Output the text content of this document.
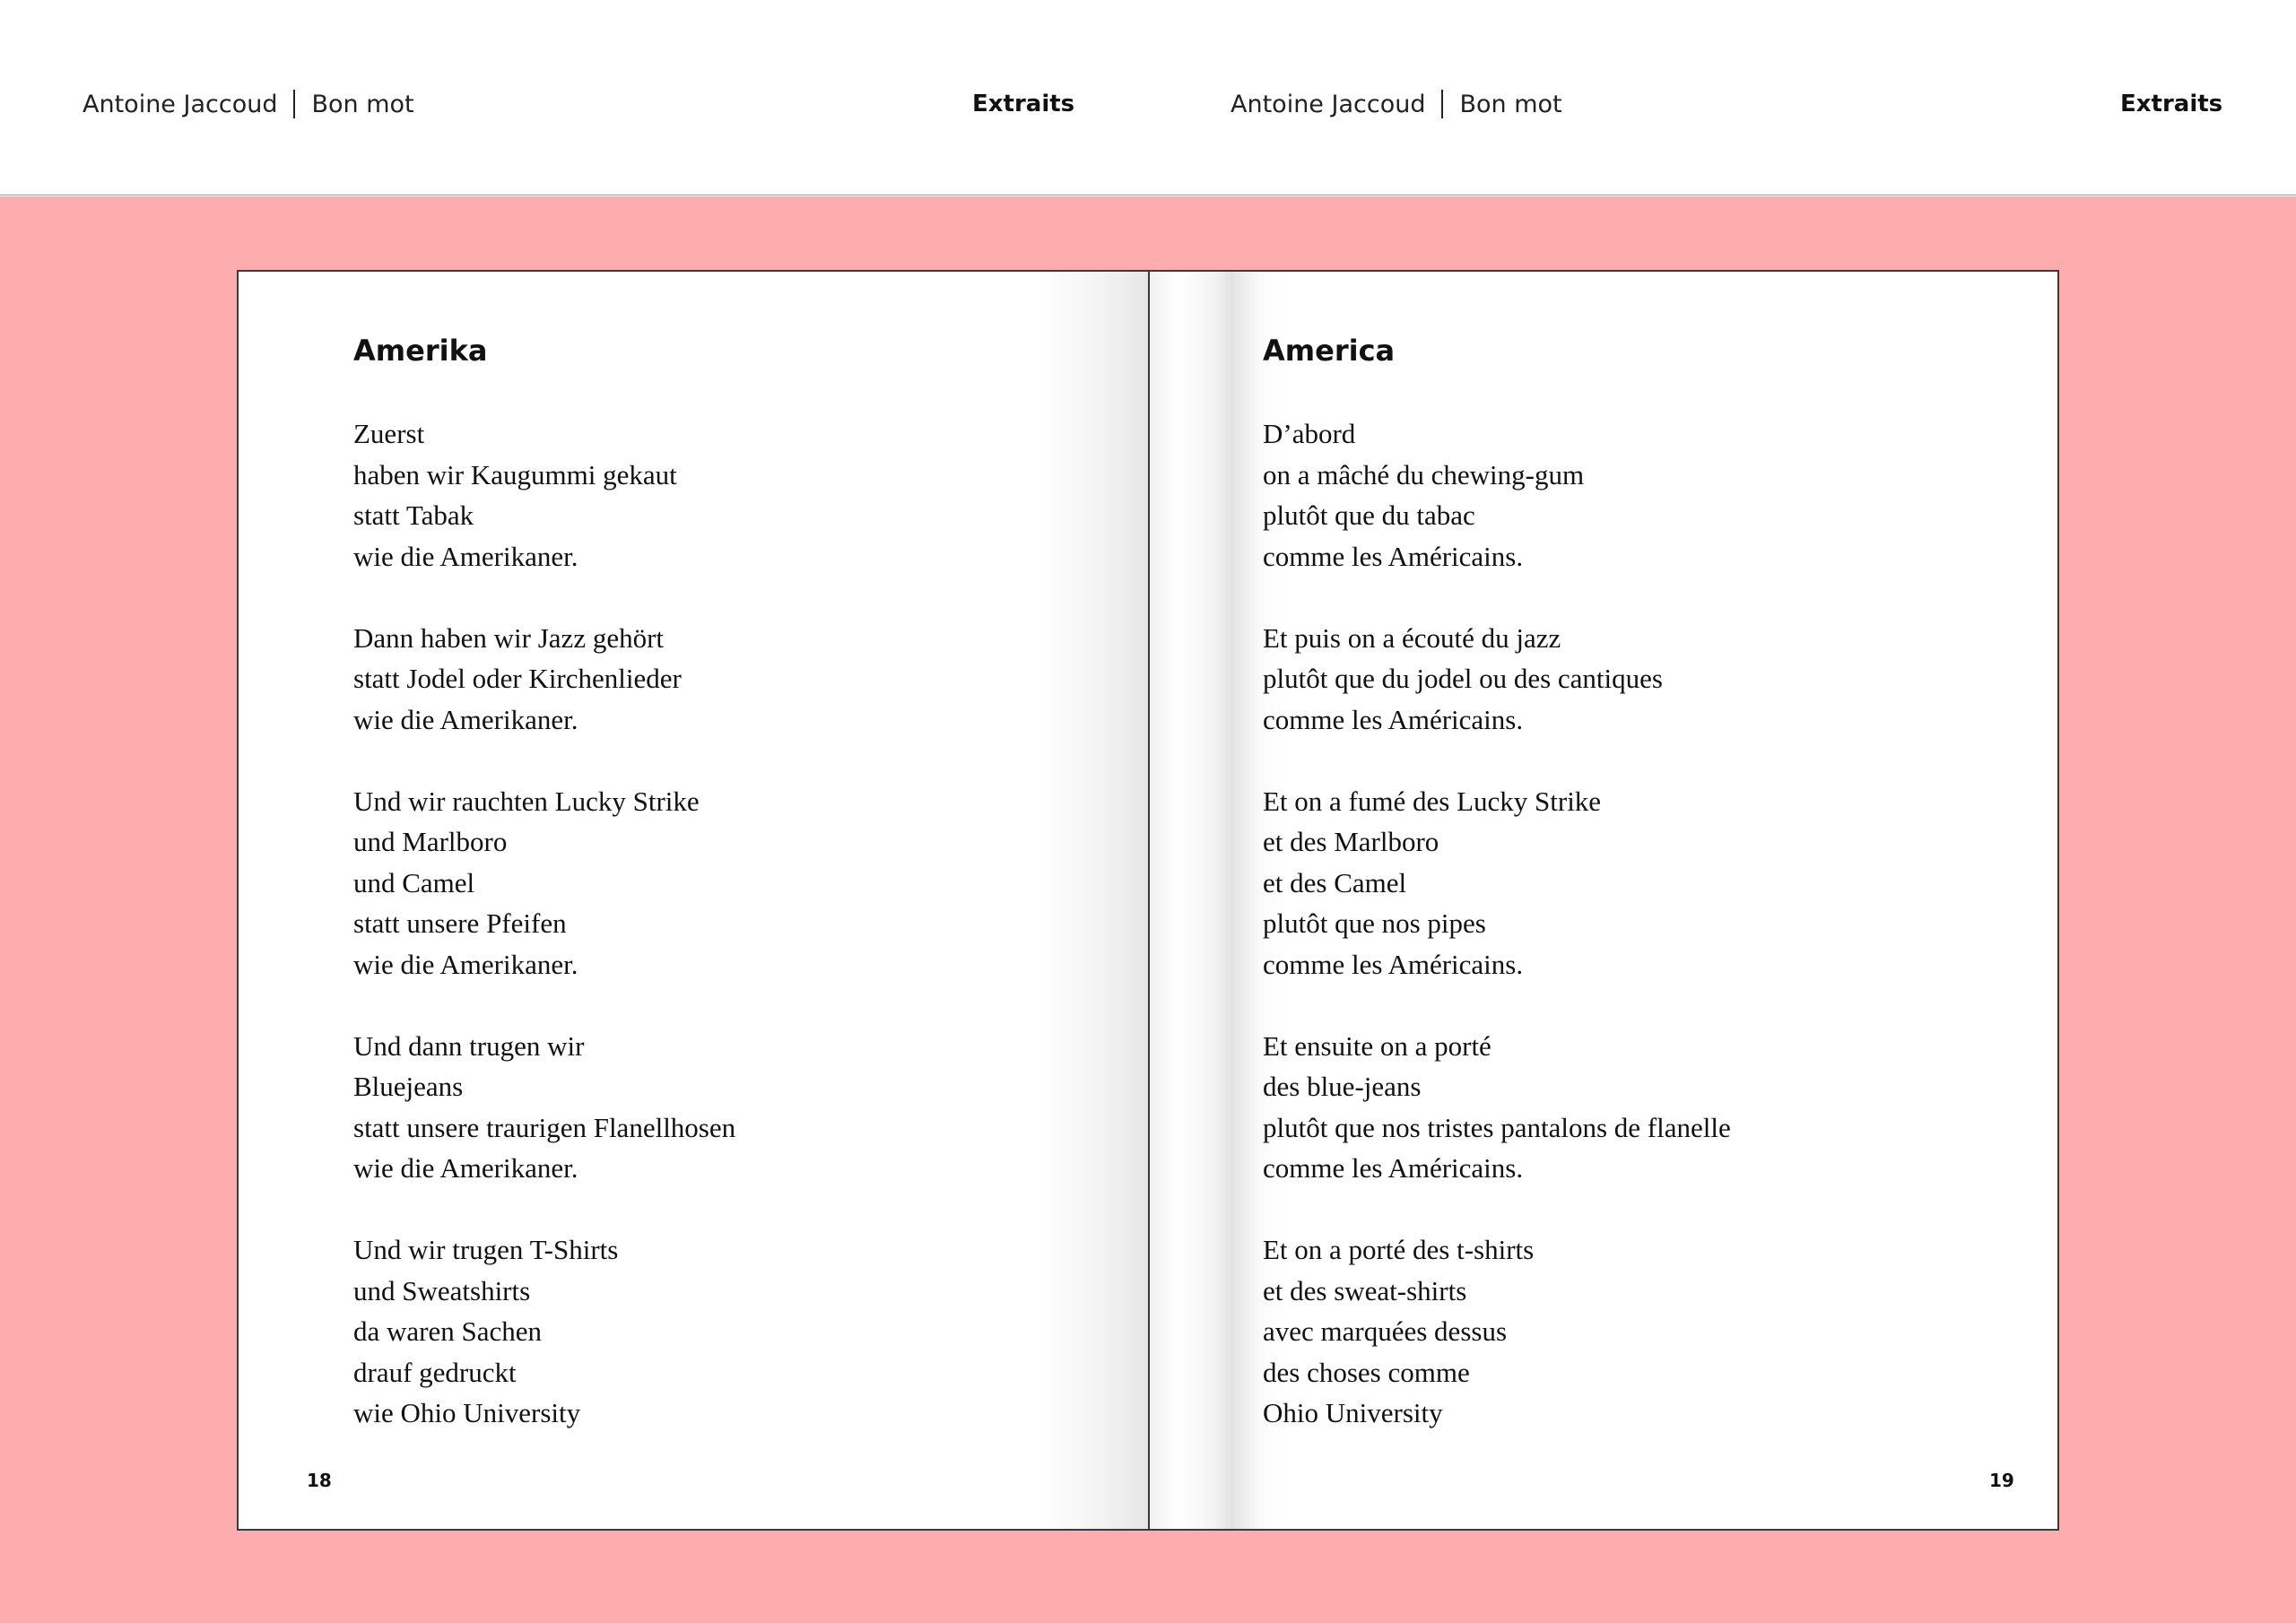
Antoine Jaccoud Bon mot	Extraits	Antoine Jaccoud Bon mot	Extraits
Amerika
Zuerst
haben wir Kaugummi gekaut
statt Tabak
wie die Amerikaner.
Dann haben wir Jazz gehört
statt Jodel oder Kirchenlieder
wie die Amerikaner.
Und wir rauchten Lucky Strike
und Marlboro
und Camel
statt unsere Pfeifen
wie die Amerikaner.
Und dann trugen wir
Bluejeans
statt unsere traurigen Flanellhosen
wie die Amerikaner.
Und wir trugen T-Shirts
und Sweatshirts
da waren Sachen
drauf gedruckt
wie Ohio University
18
America
D’abord
on a mâché du chewing-gum
plutôt que du tabac
comme les Américains.
Et puis on a écouté du jazz
plutôt que du jodel ou des cantiques
comme les Américains.
Et on a fumé des Lucky Strike
et des Marlboro
et des Camel
plutôt que nos pipes
comme les Américains.
Et ensuite on a porté
des blue-jeans
plutôt que nos tristes pantalons de flanelle
comme les Américains.
Et on a porté des t-shirts
et des sweat-shirts
avec marquées dessus
des choses comme
Ohio University
19
